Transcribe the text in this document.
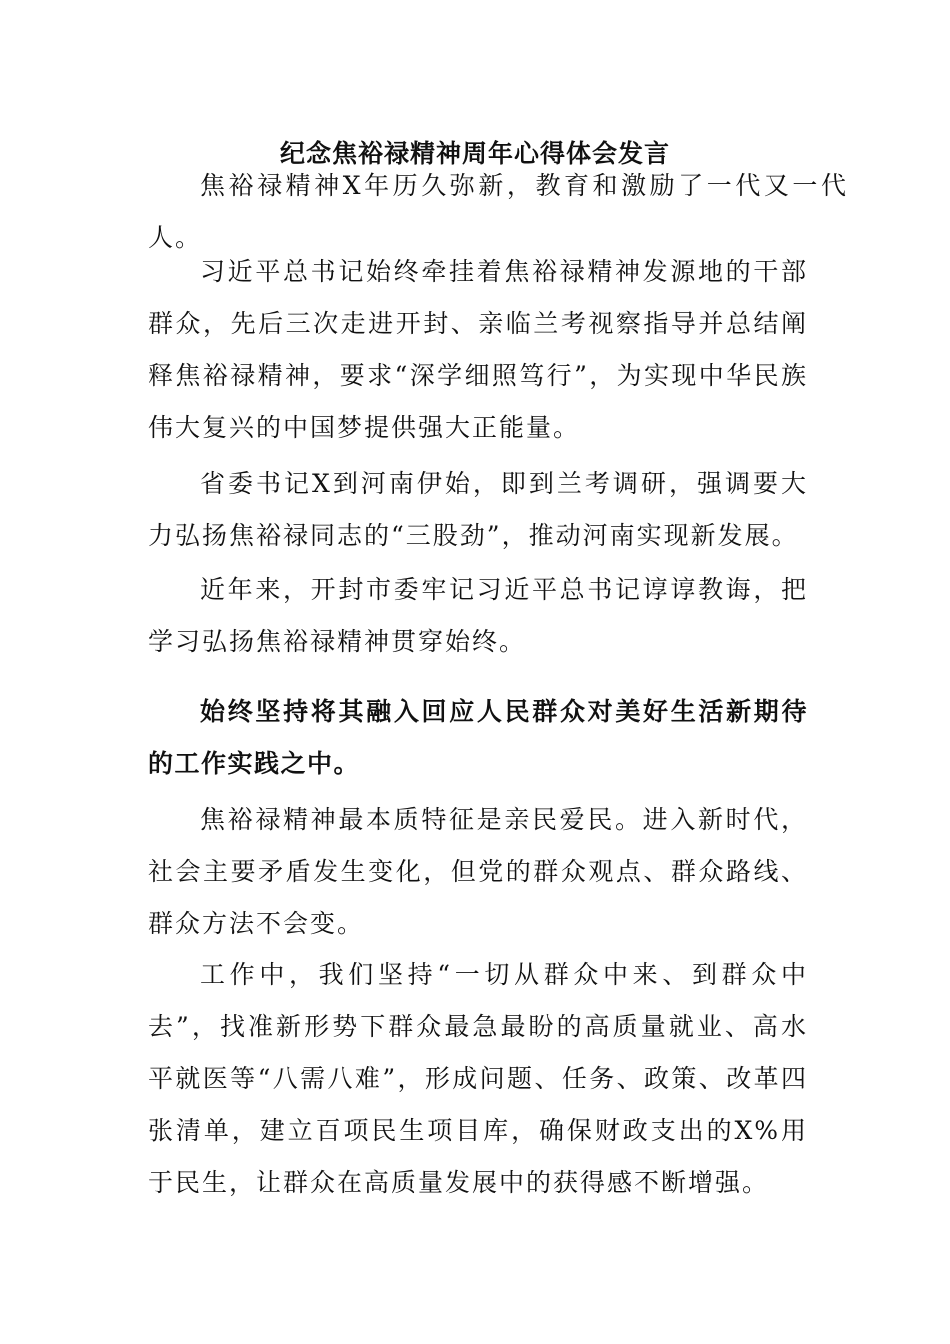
纪念焦裕禄精神周年心得体会发言

焦裕禄精神X年历久弥新，教育和激励了一代又一代人。

习近平总书记始终牵挂着焦裕禄精神发源地的干部群众，先后三次走进开封、亲临兰考视察指导并总结阐释焦裕禄精神，要求“深学细照笃行”，为实现中华民族伟大复兴的中国梦提供强大正能量。

省委书记X到河南伊始，即到兰考调研，强调要大力弘扬焦裕禄同志的“三股劲”，推动河南实现新发展。

近年来，开封市委牢记习近平总书记谆谆教诲，把学习弘扬焦裕禄精神贯穿始终。

始终坚持将其融入回应人民群众对美好生活新期待的工作实践之中。

焦裕禄精神最本质特征是亲民爱民。进入新时代，社会主要矛盾发生变化，但党的群众观点、群众路线、群众方法不会变。

工作中，我们坚持“一切从群众中来、到群众中去”，找准新形势下群众最急最盼的高质量就业、高水平就医等“八需八难”，形成问题、任务、政策、改革四张清单，建立百项民生项目库，确保财政支出的X%用于民生，让群众在高质量发展中的获得感不断增强。
